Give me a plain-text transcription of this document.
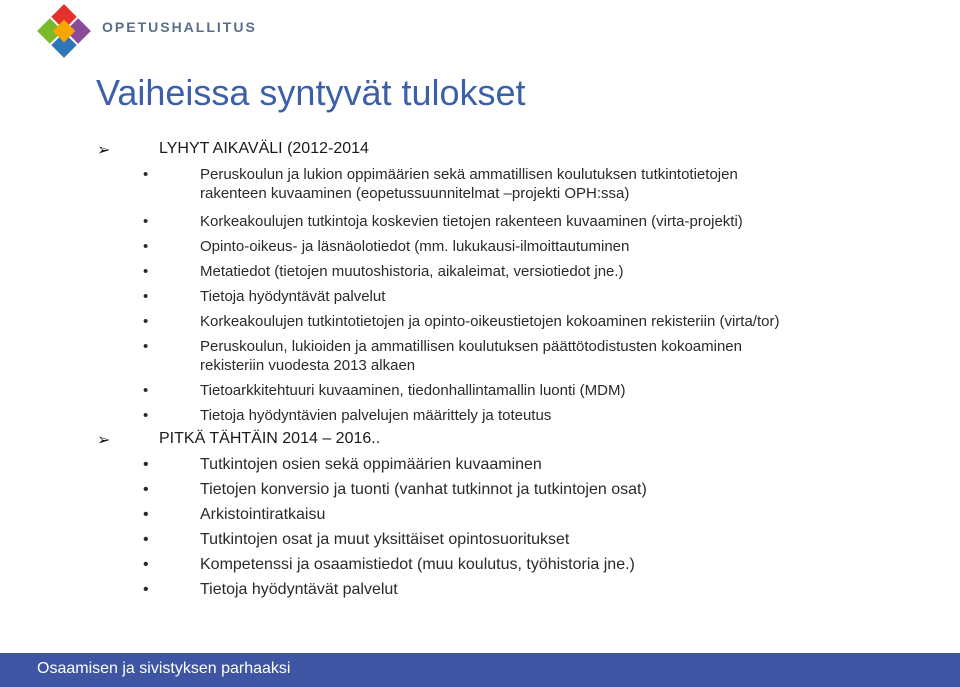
OPETUSHALLITUS
Vaiheissa syntyvät tulokset
➢	LYHYT AIKAVÄLI (2012-2014
•	Peruskoulun ja lukion oppimäärien sekä ammatillisen koulutuksen tutkintotietojen
rakenteen kuvaaminen (eopetussuunnitelmat –projekti OPH:ssa)
•	Korkeakoulujen tutkintoja koskevien tietojen rakenteen kuvaaminen (virta-projekti)
•	Opinto-oikeus- ja läsnäolotiedot (mm. lukukausi-ilmoittautuminen
•	Metatiedot (tietojen muutoshistoria, aikaleimat, versiotiedot jne.)
•	Tietoja hyödyntävät palvelut
•	Korkeakoulujen tutkintotietojen ja opinto-oikeustietojen kokoaminen rekisteriin (virta/tor)
•	Peruskoulun, lukioiden ja ammatillisen koulutuksen päättötodistusten kokoaminen
rekisteriin vuodesta 2013 alkaen
•	Tietoarkkitehtuuri kuvaaminen, tiedonhallintamallin luonti (MDM)
•	Tietoja hyödyntävien palvelujen määrittely ja toteutus
➢	PITKÄ TÄHTÄIN 2014 – 2016..
•	Tutkintojen osien sekä oppimäärien kuvaaminen
•	Tietojen konversio ja tuonti (vanhat tutkinnot ja tutkintojen osat)
•	Arkistointiratkaisu
•	Tutkintojen osat ja muut yksittäiset opintosuoritukset
•	Kompetenssi ja osaamistiedot (muu koulutus, työhistoria jne.)
•	Tietoja hyödyntävät palvelut
Osaamisen ja sivistyksen parhaaksi
